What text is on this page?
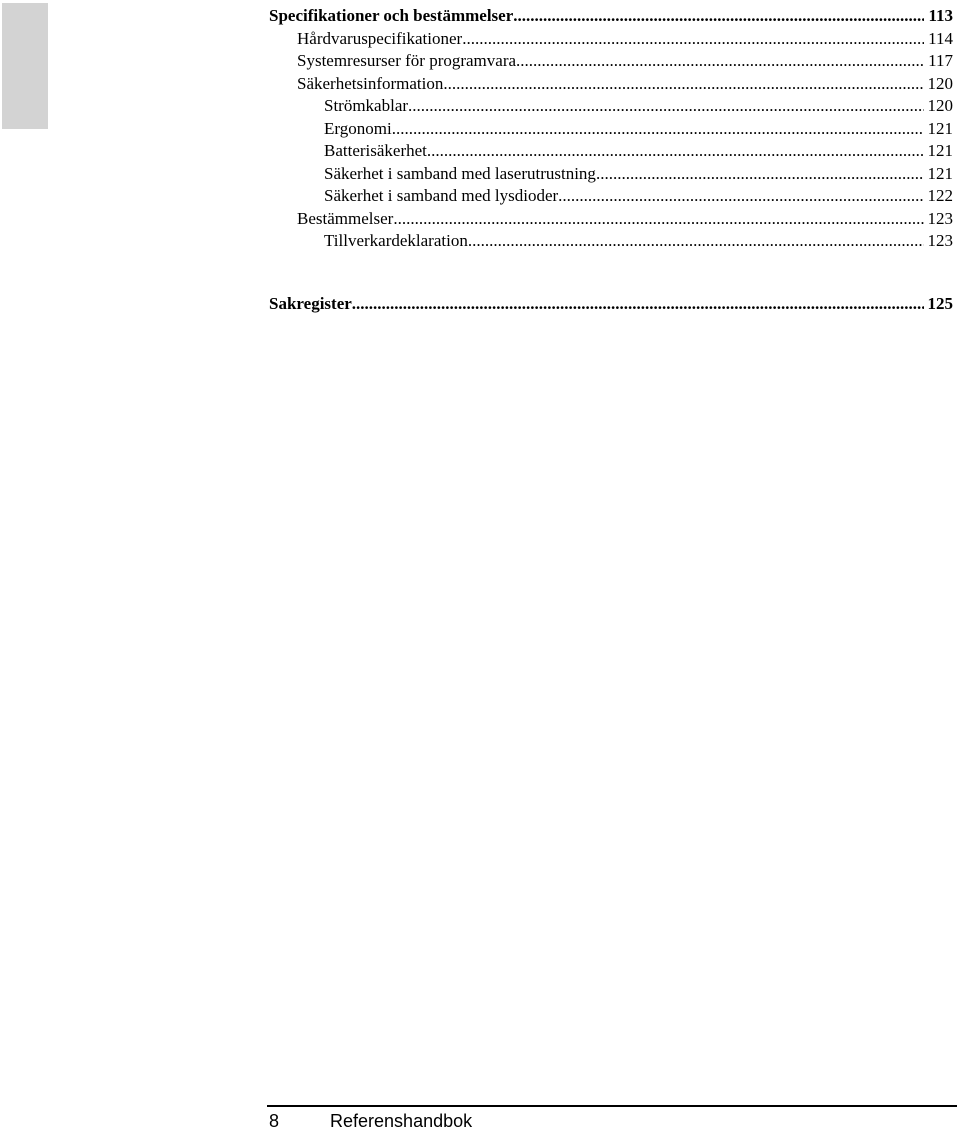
Specifikationer och bestämmelser .....	113
Hårdvaruspecifikationer .....	114
Systemresurser för programvara .....	117
Säkerhetsinformation .....	120
Strömkablar .....	120
Ergonomi .....	121
Batterisäkerhet .....	121
Säkerhet i samband med laserutrustning .....	121
Säkerhet i samband med lysdioder .....	122
Bestämmelser .....	123
Tillverkardeklaration .....	123
Sakregister .....	125
8	Referenshandbok
